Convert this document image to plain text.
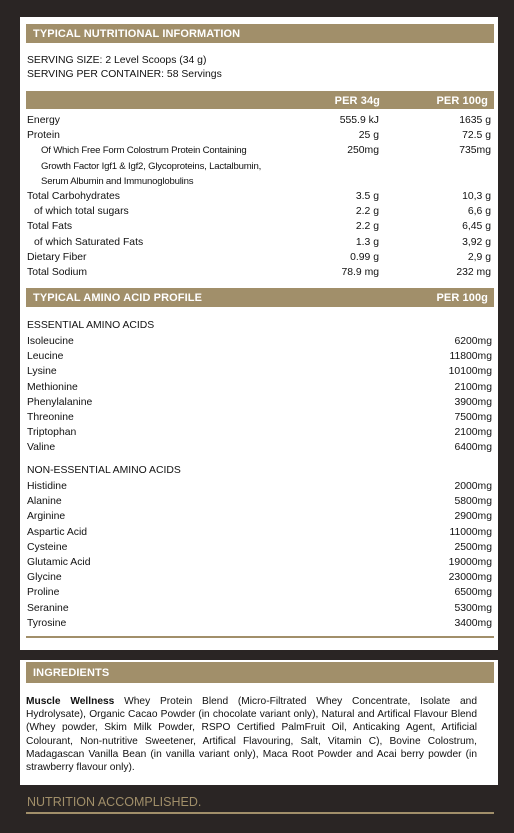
TYPICAL NUTRITIONAL INFORMATION
SERVING SIZE: 2 Level Scoops (34 g)
SERVING PER CONTAINER: 58 Servings
PER 34g	PER 100g
Energy	555.9 kJ	1635 g
Protein	25 g	72.5 g
Of Which Free Form Colostrum Protein Containing	250mg	735mg
Growth Factor Igf1 & Igf2, Glycoproteins, Lactalbumin,
Serum Albumin and Immunoglobulins
Total Carbohydrates	3.5 g	10,3 g
of which total sugars	2.2 g	6,6 g
Total Fats	2.2 g	6,45 g
of which Saturated Fats	1.3 g	3,92 g
Dietary Fiber	0.99 g	2,9 g
Total Sodium	78.9 mg	232 mg
TYPICAL AMINO ACID PROFILE	PER 100g
ESSENTIAL AMINO ACIDS
Isoleucine	6200mg
Leucine	11800mg
Lysine	10100mg
Methionine	2100mg
Phenylalanine	3900mg
Threonine	7500mg
Triptophan	2100mg
Valine	6400mg
NON-ESSENTIAL AMINO ACIDS
Histidine	2000mg
Alanine	5800mg
Arginine	2900mg
Aspartic Acid	11000mg
Cysteine	2500mg
Glutamic Acid	19000mg
Glycine	23000mg
Proline	6500mg
Seranine	5300mg
Tyrosine	3400mg
INGREDIENTS
Muscle Wellness Whey Protein Blend (Micro-Filtrated Whey Concentrate, Isolate and Hydrolysate), Organic Cacao Powder (in chocolate variant only), Natural and Artifical Flavour Blend (Whey powder, Skim Milk Powder, RSPO Certified PalmFruit Oil, Anticaking Agent, Artificial Colourant, Non-nutritive Sweetener, Artifical Flavouring, Salt, Vitamin C), Bovine Colostrum, Madagascan Vanilla Bean (in vanilla variant only), Maca Root Powder and Acai berry powder (in strawberry flavour only).
NUTRITION ACCOMPLISHED.
